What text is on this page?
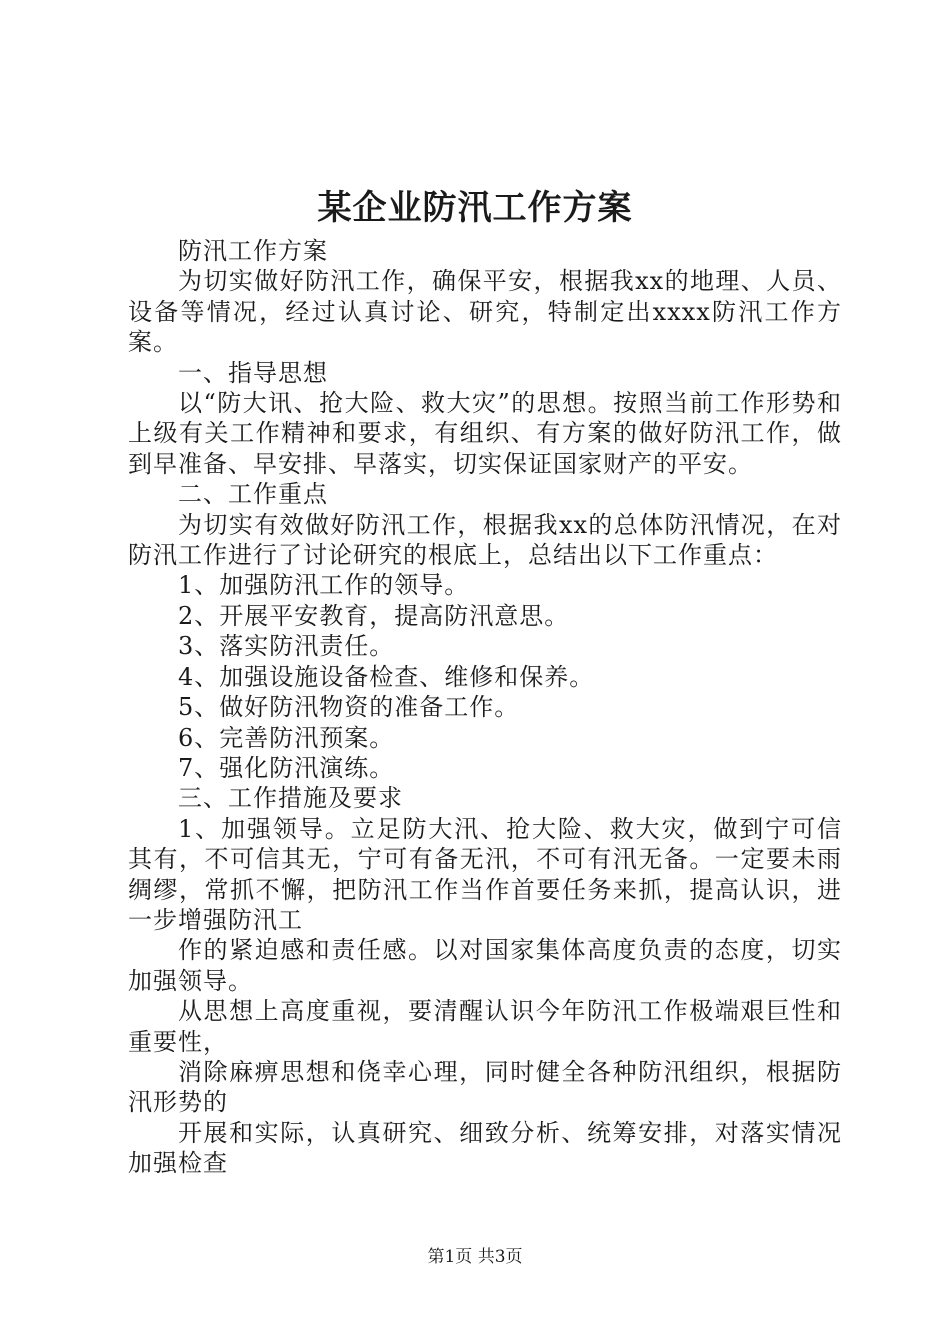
某企业防汛工作方案

防汛工作方案

为切实做好防汛工作，确保平安，根据我xx的地理、人员、设备等情况，经过认真讨论、研究，特制定出xxxx防汛工作方案。

一、指导思想

以“防大讯、抢大险、救大灾”的思想。按照当前工作形势和上级有关工作精神和要求，有组织、有方案的做好防汛工作，做到早准备、早安排、早落实，切实保证国家财产的平安。

二、工作重点

为切实有效做好防汛工作，根据我xx的总体防汛情况，在对防汛工作进行了讨论研究的根底上，总结出以下工作重点：

1、加强防汛工作的领导。

2、开展平安教育，提高防汛意思。

3、落实防汛责任。

4、加强设施设备检查、维修和保养。

5、做好防汛物资的准备工作。

6、完善防汛预案。

7、强化防汛演练。

三、工作措施及要求

1、加强领导。立足防大汛、抢大险、救大灾，做到宁可信其有，不可信其无，宁可有备无汛，不可有汛无备。一定要未雨绸缪，常抓不懈，把防汛工作当作首要任务来抓，提高认识，进一步增强防汛工

作的紧迫感和责任感。以对国家集体高度负责的态度，切实加强领导。

从思想上高度重视，要清醒认识今年防汛工作极端艰巨性和重要性，

消除麻痹思想和侥幸心理，同时健全各种防汛组织，根据防汛形势的

开展和实际，认真研究、细致分析、统筹安排，对落实情况加强检查

第1页 共3页
